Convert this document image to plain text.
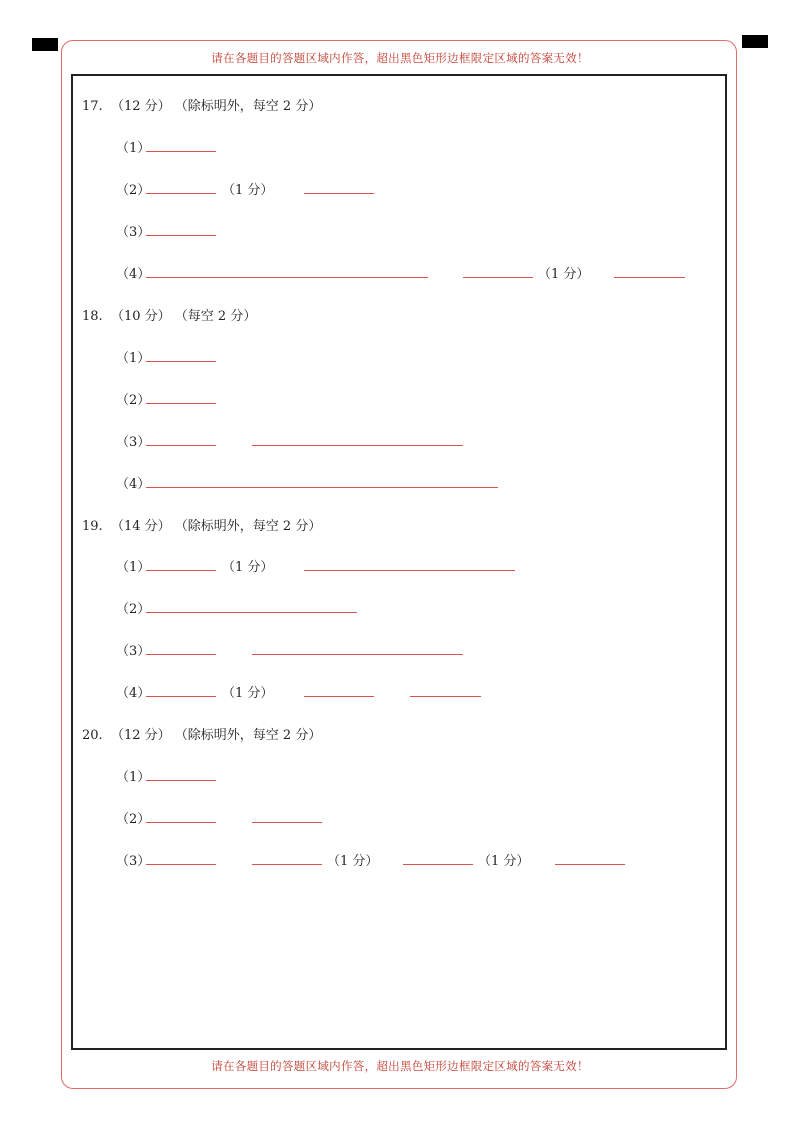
请在各题目的答题区域内作答，超出黑色矩形边框限定区域的答案无效！
请在各题目的答题区域内作答，超出黑色矩形边框限定区域的答案无效！
17. （12 分） （除标明外，每空 2 分）
（1）
（2）	（1 分）
（3）
（4）	（1 分）
18. （10 分） （每空 2 分）
（1）
（2）
（3）
（4）
19. （14 分） （除标明外，每空 2 分）
（1）	（1 分）
（2）
（3）
（4）	（1 分）
20. （12 分） （除标明外，每空 2 分）
（1）
（2）
（3）	（1 分）	（1 分）
